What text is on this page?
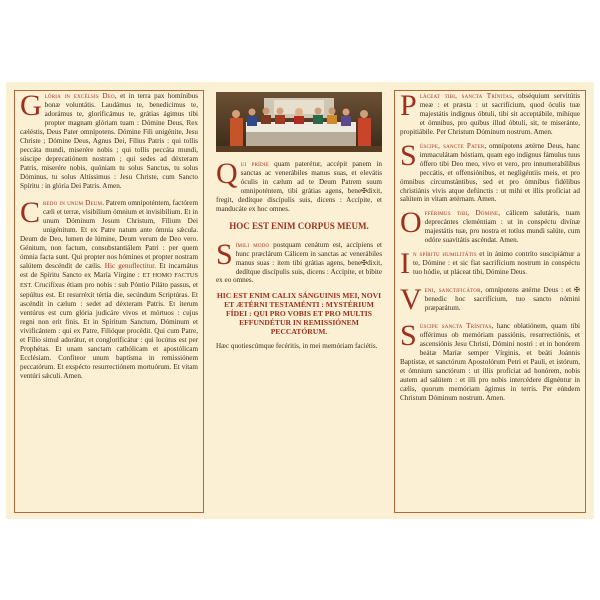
Glória in excélsis Deo, et in terra pax homínibus bonæ voluntátis. Laudámus te, benedícimus te, adorámus te, glorificámus te, grátias ágimus tibi propter magnam glóriam tuam : Dómine Deus, Rex cæléstis, Deus Pater omnípotens. Dómine Fili unigénite, Jesu Christe ; Dómine Deus, Agnus Dei, Fílius Patris : qui tollis peccáta mundi, miserére nobis ; qui tollis peccáta mundi, súscipe deprecatiónem nostram ; qui sedes ad déxteram Patris, miserére nobis, quóniam tu solus Sanctus, tu solus Dóminus, tu solus Altíssimus : Jesu Christe, cum Sancto Spíritu : in glória Dei Patris. Amen.
Credo in unum Deum. Patrem omnipoténtem, factórem cæli et terræ, visibílium ómnium et invisibílium. Et in unum Dóminum Jesum Christum, Fílium Dei unigénitum. Et ex Patre natum ante ómnia sǽcula. Deum de Deo, lumen de lúmine, Deum verum de Deo vero. Génitum, non factum, consubstantiálem Patri : per quem ómnia facta sunt. Qui propter nos hómines et propter nostram salútem descéndit de cælis. Hic genuflectitur. Et incarnátus est de Spíritu Sancto ex María Vírgine : ET HOMO FACTUS EST. Crucifíxus étiam pro nobis : sub Póntio Piláto passus, et sepúltus est. Et resurréxit tértia die, secúndum Scriptúras. Et ascéndit in cælum : sedet ad déxteram Patris. Et íterum ventúrus est cum glória judicáre vivos et mórtuos : cujus regni non erit finis. Et in Spíritum Sanctum, Dóminum et vivificántem : qui ex Patre, Filióque procédit. Qui cum Patre, et Fílio simul adorátur, et conglorificátur : qui locútus est per Prophétas. Et unam sanctam cathólicam et apostólicam Ecclésiam. Confíteor unum baptísma in remissiónem peccatórum. Et exspécto resurrectiónem mortuórum. Et vitam ventúri sǽculi. Amen.
Qui prídie quam paterétur, accépit panem in sanctas ac venerábiles manus suas, et elevátis óculis in cælum ad te Deum Patrem suum omnipoténtem, tibi grátias agens, bene✠dixit, fregit, dedítque discípulis suis, dicens : Accípite, et manducáte ex hoc omnes.
HOC EST ENIM CORPUS MEUM.
Símili modo postquam cenátum est, accípiens et hunc præclárum Cálicem in sanctas ac venerábiles manus suas : item tibi grátias agens, bene✠dixit, dedítque discípulis suis, dicens : Accípite, et bíbite ex eo omnes.
HIC EST ENIM CALIX SÁNGUINIS MEI, NOVI ET ÆTÉRNI TESTAMÉNTI : MYSTÉRIUM FÍDEI : QUI PRO VOBIS ET PRO MULTIS EFFUNDÉTUR IN REMISSIÓNEM PECCATÓRUM.

Hæc quotiescúmque fecéritis, in mei memóriam faciétis.

Pláceat tibi, sancta Trínitas, obséquium servitútis meæ : et præsta : ut sacrifícium, quod óculis tuæ majestátis indígnus óbtuli, tibi sit acceptábile, mihíque et ómnibus, pro quibus illud óbtuli, sit, te miseránte, propitiábile. Per Christum Dóminum nostrum. Amen.
Súscipe, sancte Pater, omnípotens ætérne Deus, hanc immaculátam hóstiam, quam ego indígnus fámulus tuus óffero tibi Deo meo, vivo et vero, pro innumerabílibus peccátis, et offensiónibus, et negligéntiis meis, et pro ómnibus circumstántibus, sed et pro ómnibus fidélibus christiánis vivis atque defúnctis : ut mihi et illis profíciat ad salútem in vitam ætérnam. Amen.
Offérimus tibi, Dómine, cálicem salutáris, tuam deprecántes cleméntiam : ut in conspéctu divínæ majestátis tuæ, pro nostra et totíus mundi salúte, cum odóre suavitátis ascéndat. Amen.
In spíritu humilitátis et in ánimo contríto suscipiámur a te, Dómine : et sic fiat sacrifícium nostrum in conspéctu tuo hódie, ut pláceat tibi, Dómine Deus.
Veni, sanctificátor, omnípotens ætérne Deus : et ✠ benedic hoc sacrifícium, tuo sancto nómini præparátum.
Súscipe sancta Trínitas, hanc oblatiónem, quam tibi offérimus ob memóriam passiónis, resurrectiónis, et ascensiónis Jesu Christi, Dómini nostri : et in honórem beátæ Maríæ semper Vírginis, et beáti Joánnis Baptístæ, et sanctórum Apostolórum Petri et Pauli, et istórum, et ómnium sanctórum : ut illis profíciat ad honórem, nobis autem ad salútem : et illi pro nobis intercédere dignéntur in cælis, quorum memóriam ágimus in terris. Per eúndem Christum Dóminum nostrum. Amen.
